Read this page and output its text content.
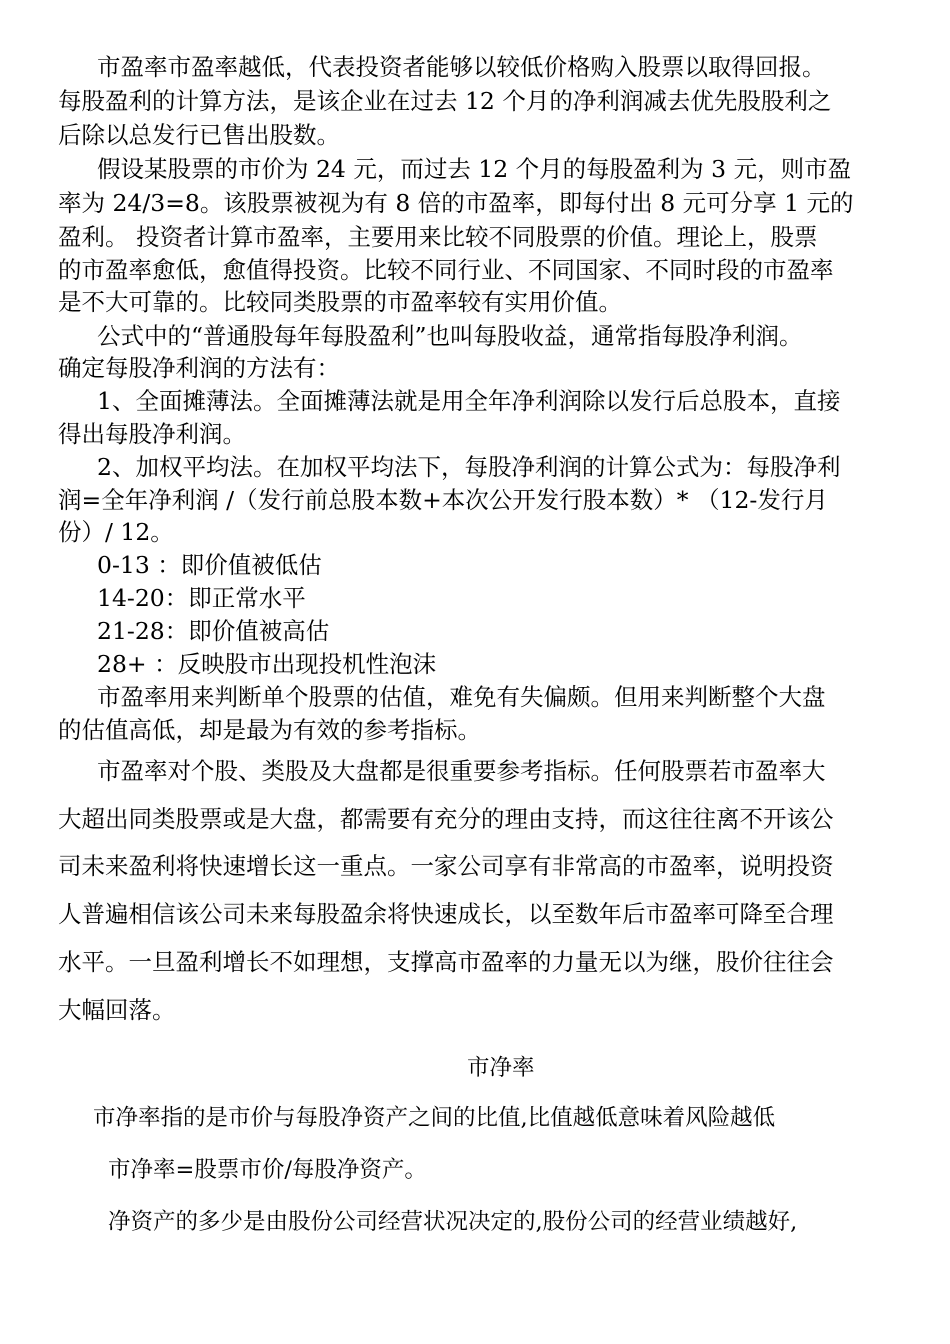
市盈率市盈率越低，代表投资者能够以较低价格购入股票以取得回报。
每股盈利的计算方法，是该企业在过去 12 个月的净利润减去优先股股利之
后除以总发行已售出股数。
假设某股票的市价为 24 元，而过去 12 个月的每股盈利为 3 元，则市盈
率为 24/3=8。该股票被视为有 8 倍的市盈率，即每付出 8 元可分享 1 元的
盈利。 投资者计算市盈率，主要用来比较不同股票的价值。理论上，股票
的市盈率愈低，愈值得投资。比较不同行业、不同国家、不同时段的市盈率
是不大可靠的。比较同类股票的市盈率较有实用价值。
公式中的“普通股每年每股盈利”也叫每股收益，通常指每股净利润。
确定每股净利润的方法有：
1、全面摊薄法。全面摊薄法就是用全年净利润除以发行后总股本，直接
得出每股净利润。
2、加权平均法。在加权平均法下，每股净利润的计算公式为：每股净利
润=全年净利润 /（发行前总股本数+本次公开发行股本数）* （12-发行月
份）/ 12。
0-13 ：即价值被低估
14-20：即正常水平
21-28：即价值被高估
28+ ：反映股市出现投机性泡沫
市盈率用来判断单个股票的估值，难免有失偏颇。但用来判断整个大盘
的估值高低，却是最为有效的参考指标。
市盈率对个股、类股及大盘都是很重要参考指标。任何股票若市盈率大
大超出同类股票或是大盘，都需要有充分的理由支持，而这往往离不开该公
司未来盈利将快速增长这一重点。一家公司享有非常高的市盈率，说明投资
人普遍相信该公司未来每股盈余将快速成长，以至数年后市盈率可降至合理
水平。一旦盈利增长不如理想，支撑高市盈率的力量无以为继，股价往往会
大幅回落。
市净率
市净率指的是市价与每股净资产之间的比值,比值越低意味着风险越低
市净率=股票市价/每股净资产。
净资产的多少是由股份公司经营状况决定的,股份公司的经营业绩越好,
